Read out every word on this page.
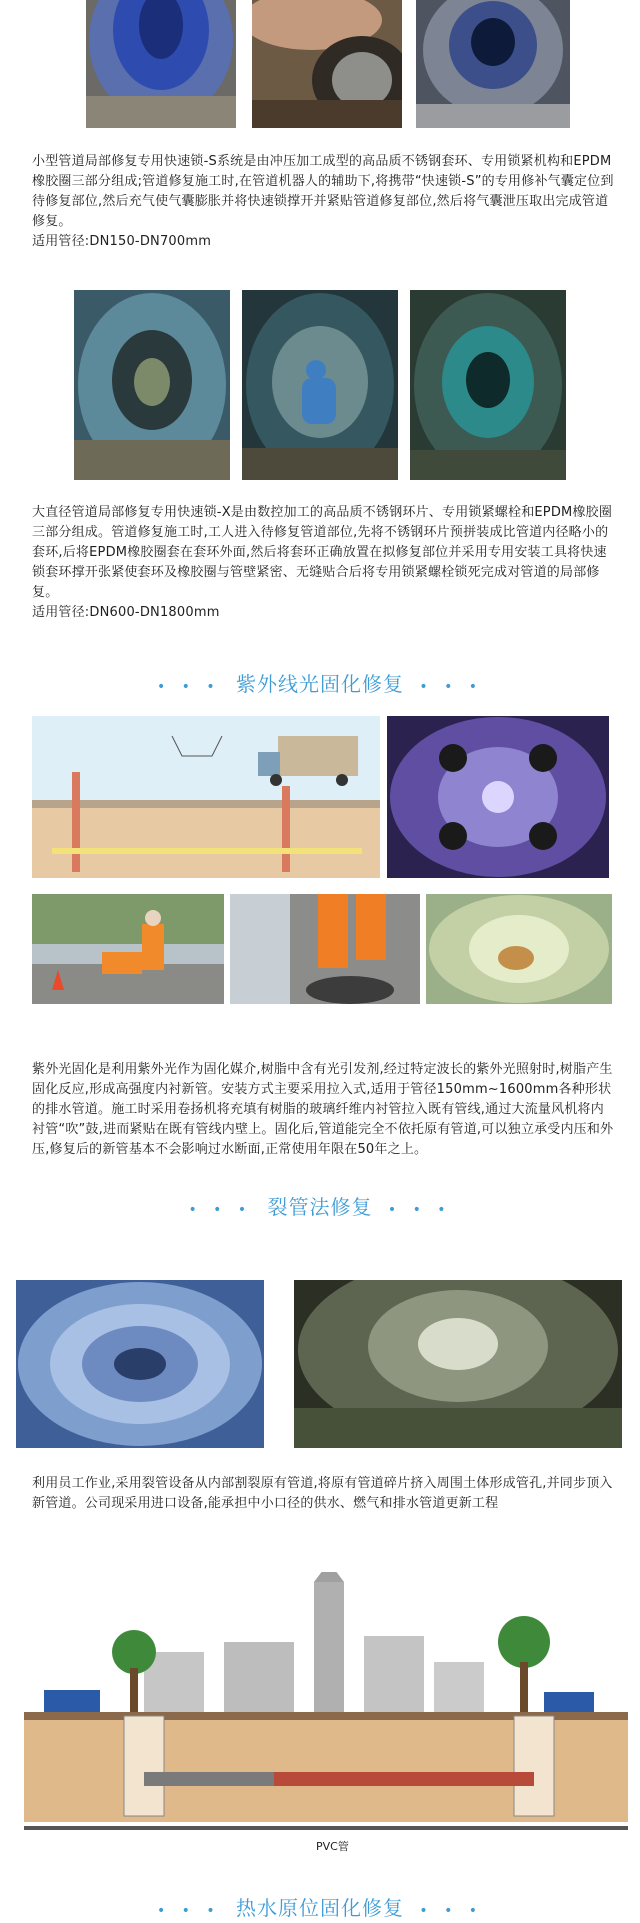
小型管道局部修复专用快速锁-S系统是由冲压加工成型的高品质不锈钢套环、专用锁紧机构和EPDM橡胶圈三部分组成;管道修复施工时,在管道机器人的辅助下,将携带“快速锁-S”的专用修补气囊定位到待修复部位,然后充气使气囊膨胀并将快速锁撑开并紧贴管道修复部位,然后将气囊泄压取出完成管道修复。

适用管径:DN150-DN700mm

大直径管道局部修复专用快速锁-X是由数控加工的高品质不锈钢环片、专用锁紧螺栓和EPDM橡胶圈三部分组成。管道修复施工时,工人进入待修复管道部位,先将不锈钢环片预拼装成比管道内径略小的套环,后将EPDM橡胶圈套在套环外面,然后将套环正确放置在拟修复部位并采用专用安装工具将快速锁套环撑开张紧使套环及橡胶圈与管壁紧密、无缝贴合后将专用锁紧螺栓锁死完成对管道的局部修复。

适用管径:DN600-DN1800mm

• • • 紫外线光固化修复 • • •

紫外光固化是利用紫外光作为固化媒介,树脂中含有光引发剂,经过特定波长的紫外光照射时,树脂产生固化反应,形成高强度内衬新管。安装方式主要采用拉入式,适用于管径150mm~1600mm各种形状的排水管道。施工时采用卷扬机将充填有树脂的玻璃纤维内衬管拉入既有管线,通过大流量风机将内衬管“吹”鼓,进而紧贴在既有管线内壁上。固化后,管道能完全不依托原有管道,可以独立承受内压和外压,修复后的新管基本不会影响过水断面,正常使用年限在50年之上。

• • • 裂管法修复 • • •

利用员工作业,采用裂管设备从内部割裂原有管道,将原有管道碎片挤入周围土体形成管孔,并同步顶入新管道。公司现采用进口设备,能承担中小口径的供水、燃气和排水管道更新工程

PVC管
• • • 热水原位固化修复 • • •
